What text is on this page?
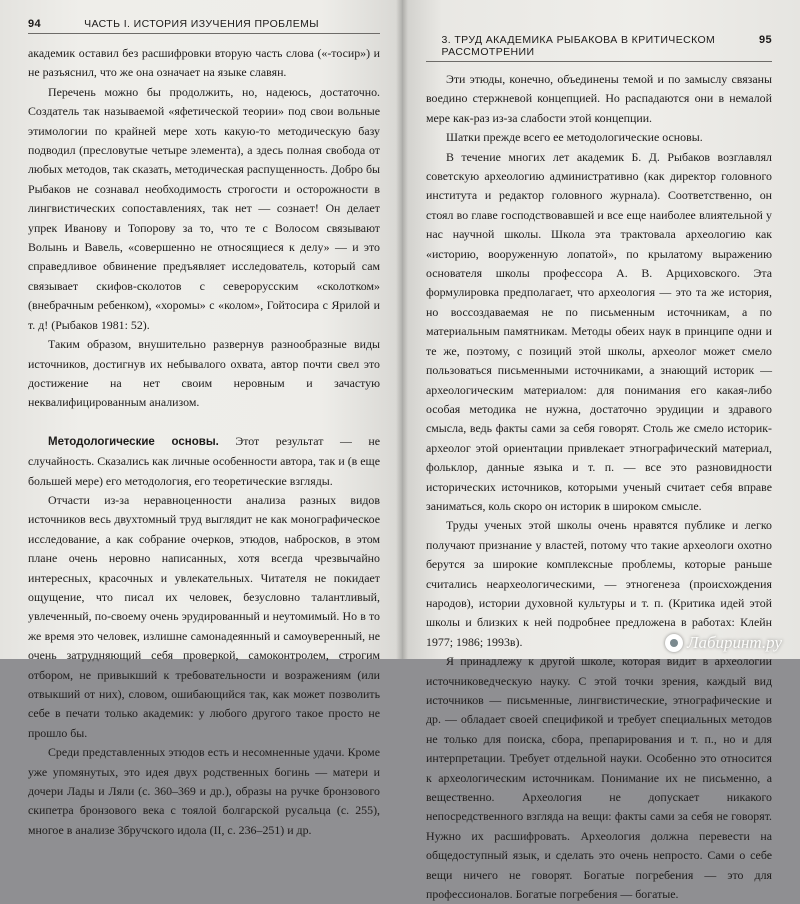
94	ЧАСТЬ I. ИСТОРИЯ ИЗУЧЕНИЯ ПРОБЛЕМЫ

академик оставил без расшифровки вторую часть слова («-тосир») и не разъяснил, что же она означает на языке славян.

Перечень можно бы продолжить, но, надеюсь, достаточно. Создатель так называемой «яфетической теории» под свои вольные этимологии по крайней мере хоть какую-то методическую базу подводил (пресловутые четыре элемента), а здесь полная свобода от любых методов, так сказать, методическая распущенность. Добро бы Рыбаков не сознавал необходимость строгости и осторожности в лингвистических сопоставлениях, так нет — сознает! Он делает упрек Иванову и Топорову за то, что те с Волосом связывают Волынь и Вавель, «совершенно не относящиеся к делу» — и это справедливое обвинение предъявляет исследователь, который сам связывает скифов-сколотов с северорусским «сколотком» (внебрачным ребенком), «хоромы» с «колом», Гойтосира с Ярилой и т. д! (Рыбаков 1981: 52).

Таким образом, внушительно развернув разнообразные виды источников, достигнув их небывалого охвата, автор почти свел это достижение на нет своим неровным и зачастую неквалифицированным анализом.

Методологические основы. Этот результат — не случайность. Сказались как личные особенности автора, так и (в еще большей мере) его методология, его теоретические взгляды.

Отчасти из-за неравноценности анализа разных видов источников весь двухтомный труд выглядит не как монографическое исследование, а как собрание очерков, этюдов, набросков, в этом плане очень неровно написанных, хотя всегда чрезвычайно интересных, красочных и увлекательных. Читателя не покидает ощущение, что писал их человек, безусловно талантливый, увлеченный, по-своему очень эрудированный и неутомимый. Но в то же время это человек, излишне самонадеянный и самоуверенный, не очень затрудняющий себя проверкой, самоконтролем, строгим отбором, не привыкший к требовательности и возражениям (или отвыкший от них), словом, ошибающийся так, как может позволить себе в печати только академик: у любого другого такое просто не прошло бы.

Среди представленных этюдов есть и несомненные удачи. Кроме уже упомянутых, это идея двух родственных богинь — матери и дочери Лады и Ляли (с. 360–369 и др.), образы на ручке бронзового скипетра бронзового века с тоялой болгарской русальца (с. 255), многое в анализе Збручского идола (II, с. 236–251) и др.

3. ТРУД АКАДЕМИКА РЫБАКОВА В КРИТИЧЕСКОМ РАССМОТРЕНИИ
95

Эти этюды, конечно, объединены темой и по замыслу связаны воедино стержневой концепцией. Но распадаются они в немалой мере как-раз из-за слабости этой концепции.

Шатки прежде всего ее методологические основы.

В течение многих лет академик Б. Д. Рыбаков возглавлял советскую археологию административно (как директор головного института и редактор головного журнала). Соответственно, он стоял во главе господствовавшей и все еще наиболее влиятельной у нас научной школы. Школа эта трактовала археологию как «историю, вооруженную лопатой», по крылатому выражению основателя школы профессора А. В. Арциховского. Эта формулировка предполагает, что археология — это та же история, но воссоздаваемая не по письменным источникам, а по материальным памятникам. Методы обеих наук в принципе одни и те же, поэтому, с позиций этой школы, археолог может смело пользоваться письменными источниками, а знающий историк — археологическим материалом: для понимания его какая-либо особая методика не нужна, достаточно эрудиции и здравого смысла, ведь факты сами за себя говорят. Столь же смело историк-археолог этой ориентации привлекает этнографический материал, фольклор, данные языка и т. п. — все это разновидности исторических источников, которыми ученый считает себя вправе заниматься, коль скоро он историк в широком смысле.

Труды ученых этой школы очень нравятся публике и легко получают признание у властей, потому что такие археологи охотно берутся за широкие комплексные проблемы, которые раньше считались неархеологическими, — этногенеза (происхождения народов), истории духовной культуры и т. п. (Критика идей этой школы и близких к ней подробнее предложена в работах: Клейн 1977; 1986; 1993в).

Я принадлежу к другой школе, которая видит в археологии источниковедческую науку. С этой точки зрения, каждый вид источников — письменные, лингвистические, этнографические и др. — обладает своей спецификой и требует специальных методов не только для поиска, сбора, препарирования и т. п., но и для интерпретации. Требует отдельной науки. Особенно это относится к археологическим источникам. Понимание их не письменно, а вещественно. Археология не допускает никакого непосредственного взгляда на вещи: факты сами за себя не говорят. Нужно их расшифровать. Археология должна перевести на общедоступный язык, и сделать это очень непросто. Сами о себе вещи ничего не говорят. Богатые погребения — это для профессионалов. Богатые погребения — богатые.

Лабиринт.ру
